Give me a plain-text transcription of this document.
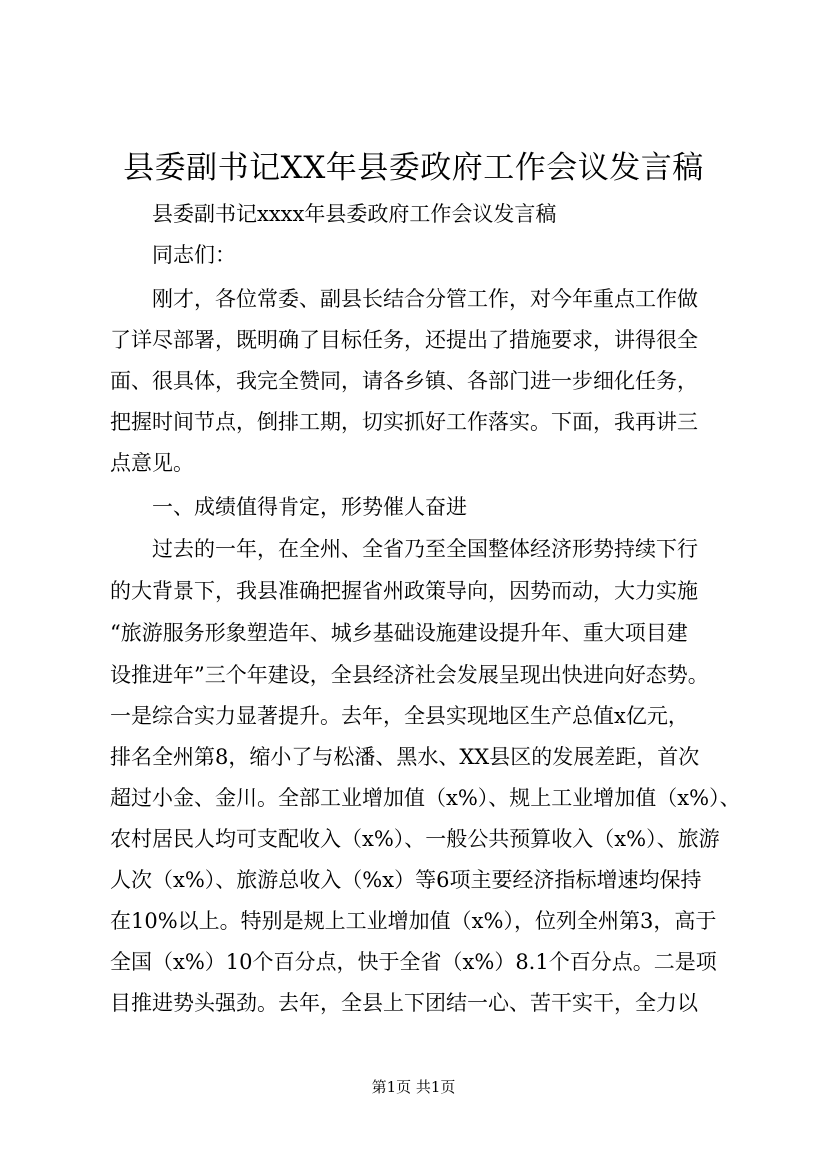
县委副书记XX年县委政府工作会议发言稿
县委副书记xxxx年县委政府工作会议发言稿
同志们：
刚才，各位常委、副县长结合分管工作，对今年重点工作做
了详尽部署，既明确了目标任务，还提出了措施要求，讲得很全
面、很具体，我完全赞同，请各乡镇、各部门进一步细化任务，
把握时间节点，倒排工期，切实抓好工作落实。下面，我再讲三
点意见。
一、成绩值得肯定，形势催人奋进
过去的一年，在全州、全省乃至全国整体经济形势持续下行
的大背景下，我县准确把握省州政策导向，因势而动，大力实施
“旅游服务形象塑造年、城乡基础设施建设提升年、重大项目建
设推进年”三个年建设，全县经济社会发展呈现出快进向好态势。
一是综合实力显著提升。去年，全县实现地区生产总值x亿元，
排名全州第8，缩小了与松潘、黑水、XX县区的发展差距，首次
超过小金、金川。全部工业增加值（x%）、规上工业增加值（x%）、
农村居民人均可支配收入（x%）、一般公共预算收入（x%）、旅游
人次（x%）、旅游总收入（%x）等6项主要经济指标增速均保持
在10%以上。特别是规上工业增加值（x%），位列全州第3，高于
全国（x%）10个百分点，快于全省（x%）8.1个百分点。二是项
目推进势头强劲。去年，全县上下团结一心、苦干实干，全力以
第1页 共1页
